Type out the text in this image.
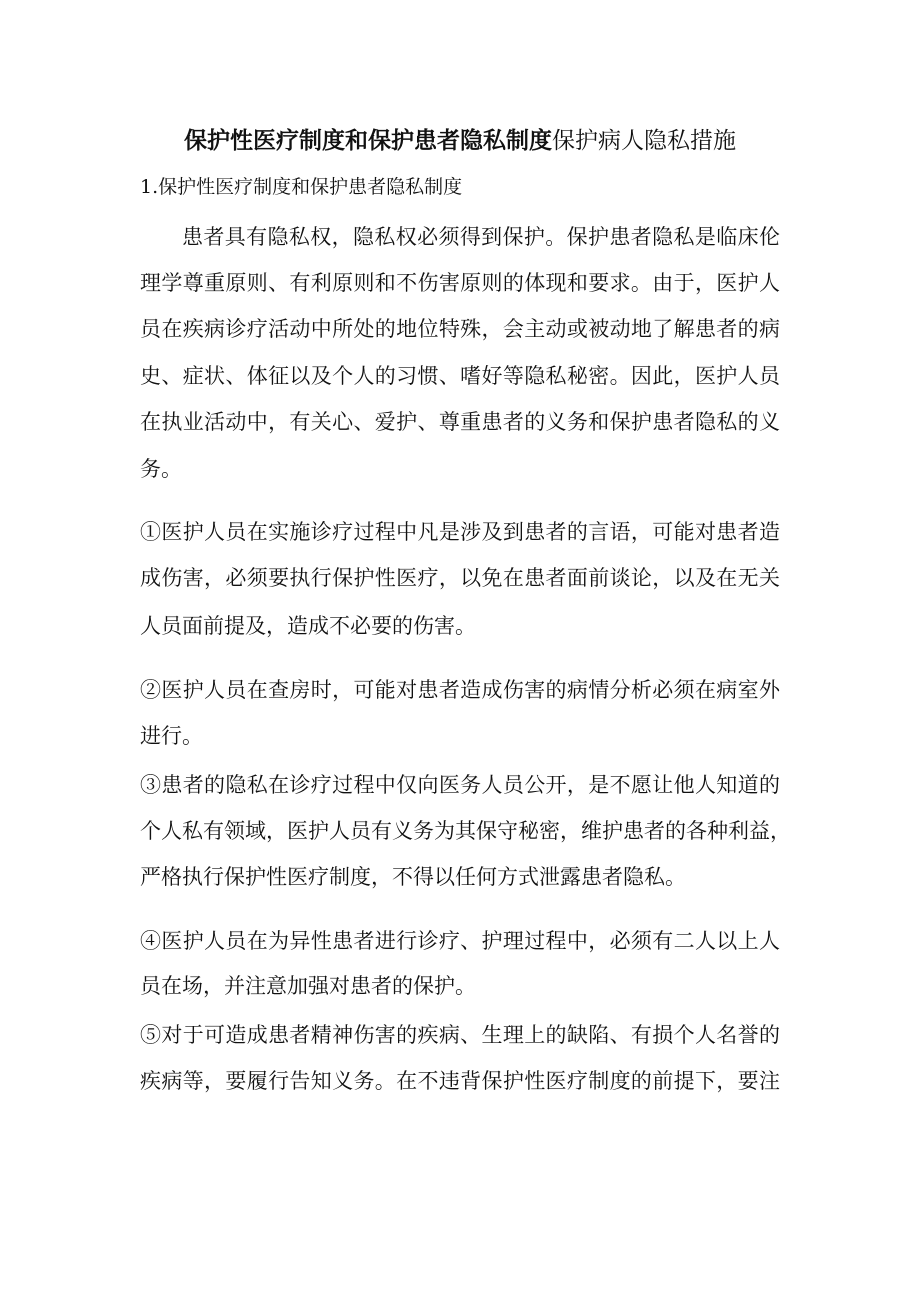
保护性医疗制度和保护患者隐私制度保护病人隐私措施
1.保护性医疗制度和保护患者隐私制度
患者具有隐私权，隐私权必须得到保护。保护患者隐私是临床伦
理学尊重原则、有利原则和不伤害原则的体现和要求。由于，医护人
员在疾病诊疗活动中所处的地位特殊，会主动或被动地了解患者的病
史、症状、体征以及个人的习惯、嗜好等隐私秘密。因此，医护人员
在执业活动中，有关心、爱护、尊重患者的义务和保护患者隐私的义
务。
①医护人员在实施诊疗过程中凡是涉及到患者的言语，可能对患者造
成伤害，必须要执行保护性医疗，以免在患者面前谈论，以及在无关
人员面前提及，造成不必要的伤害。
②医护人员在查房时，可能对患者造成伤害的病情分析必须在病室外
进行。
③患者的隐私在诊疗过程中仅向医务人员公开，是不愿让他人知道的
个人私有领域，医护人员有义务为其保守秘密，维护患者的各种利益，
严格执行保护性医疗制度，不得以任何方式泄露患者隐私。
④医护人员在为异性患者进行诊疗、护理过程中，必须有二人以上人
员在场，并注意加强对患者的保护。
⑤对于可造成患者精神伤害的疾病、生理上的缺陷、有损个人名誉的
疾病等，要履行告知义务。在不违背保护性医疗制度的前提下，要注
